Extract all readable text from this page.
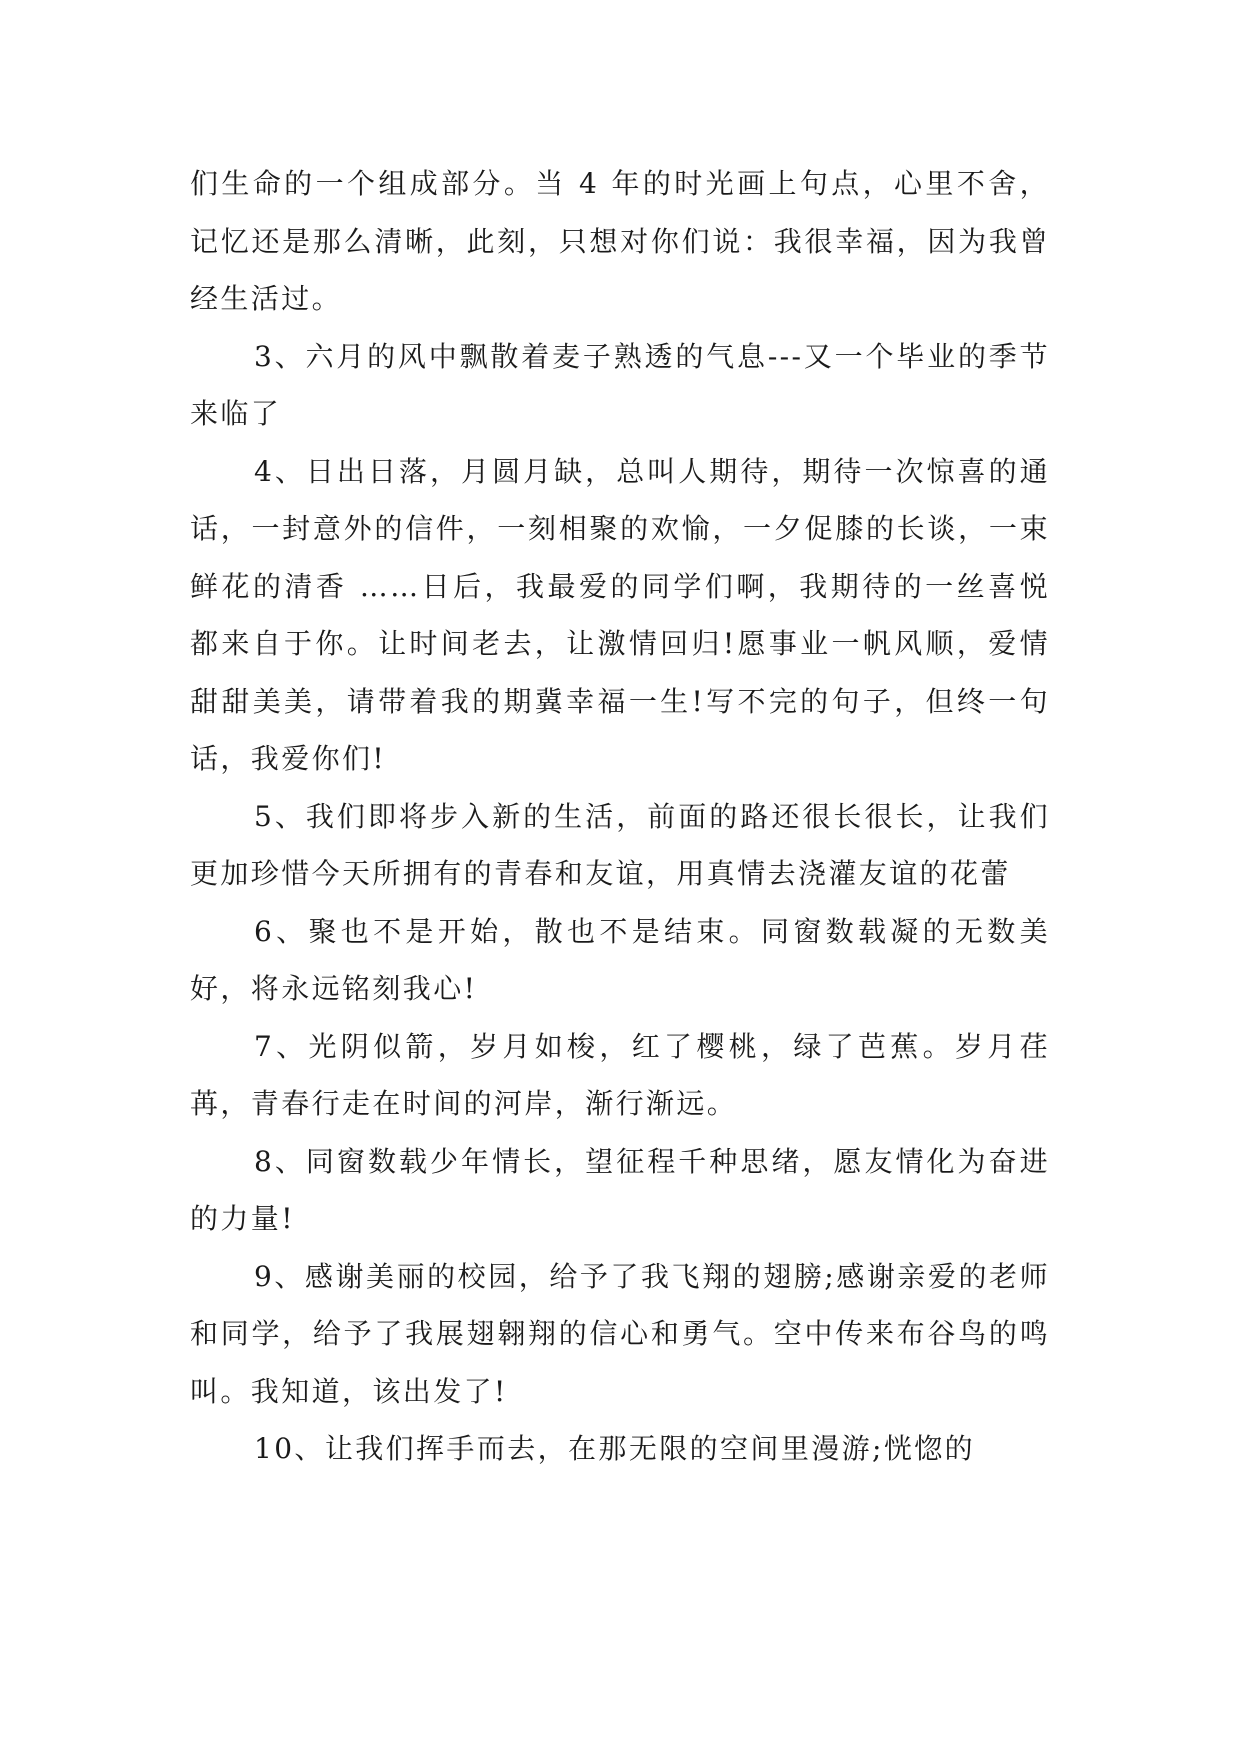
们生命的一个组成部分。当 4 年的时光画上句点，心里不舍，记忆还是那么清晰，此刻，只想对你们说：我很幸福，因为我曾经生活过。

3、六月的风中飘散着麦子熟透的气息---又一个毕业的季节来临了

4、日出日落，月圆月缺，总叫人期待，期待一次惊喜的通话，一封意外的信件，一刻相聚的欢愉，一夕促膝的长谈，一束鲜花的清香 ……日后，我最爱的同学们啊，我期待的一丝喜悦都来自于你。让时间老去，让激情回归!愿事业一帆风顺，爱情甜甜美美，请带着我的期冀幸福一生!写不完的句子，但终一句话，我爱你们!

5、我们即将步入新的生活，前面的路还很长很长，让我们更加珍惜今天所拥有的青春和友谊，用真情去浇灌友谊的花蕾

6、聚也不是开始，散也不是结束。同窗数载凝的无数美好，将永远铭刻我心!

7、光阴似箭，岁月如梭，红了樱桃，绿了芭蕉。岁月荏苒，青春行走在时间的河岸，渐行渐远。

8、同窗数载少年情长，望征程千种思绪，愿友情化为奋进的力量!

9、感谢美丽的校园，给予了我飞翔的翅膀;感谢亲爱的老师和同学，给予了我展翅翱翔的信心和勇气。空中传来布谷鸟的鸣叫。我知道，该出发了!

10、让我们挥手而去，在那无限的空间里漫游;恍惚的
